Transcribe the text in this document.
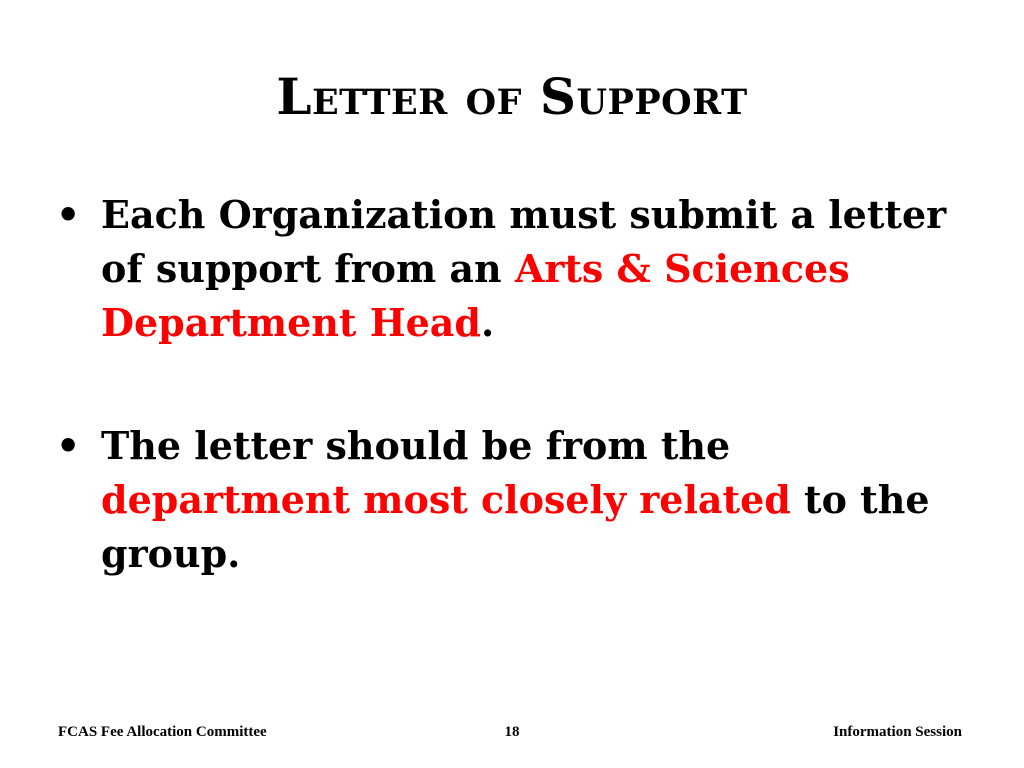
Letter of Support
• Each Organization must submit a letter of support from an Arts & Sciences Department Head.
• The letter should be from the department most closely related to the group.
FCAS Fee Allocation Committee	18	Information Session
